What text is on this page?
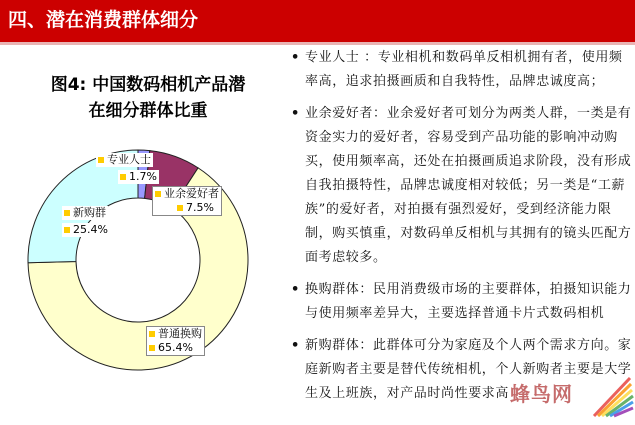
四、潜在消费群体细分
图4: 中国数码相机产品潜
在细分群体比重
专业人士
1.7%
业余爱好者
7.5%
新购群
25.4%
普通换购
65.4%
• 专业人士 ：专业相机和数码单反相机拥有者，使用频率高，追求拍摄画质和自我特性，品牌忠诚度高；
• 业余爱好者：业余爱好者可划分为两类人群，一类是有资金实力的爱好者，容易受到产品功能的影响冲动购买，使用频率高，还处在拍摄画质追求阶段，没有形成自我拍摄特性，品牌忠诚度相对较低；另一类是“工薪族”的爱好者，对拍摄有强烈爱好，受到经济能力限制，购买慎重，对数码单反相机与其拥有的镜头匹配方面考虑较多。
• 换购群体：民用消费级市场的主要群体，拍摄知识能力与使用频率差异大，主要选择普通卡片式数码相机
• 新购群体：此群体可分为家庭及个人两个需求方向。家庭新购者主要是替代传统相机，个人新购者主要是大学生及上班族，对产品时尚性要求高 蜂鸟网
